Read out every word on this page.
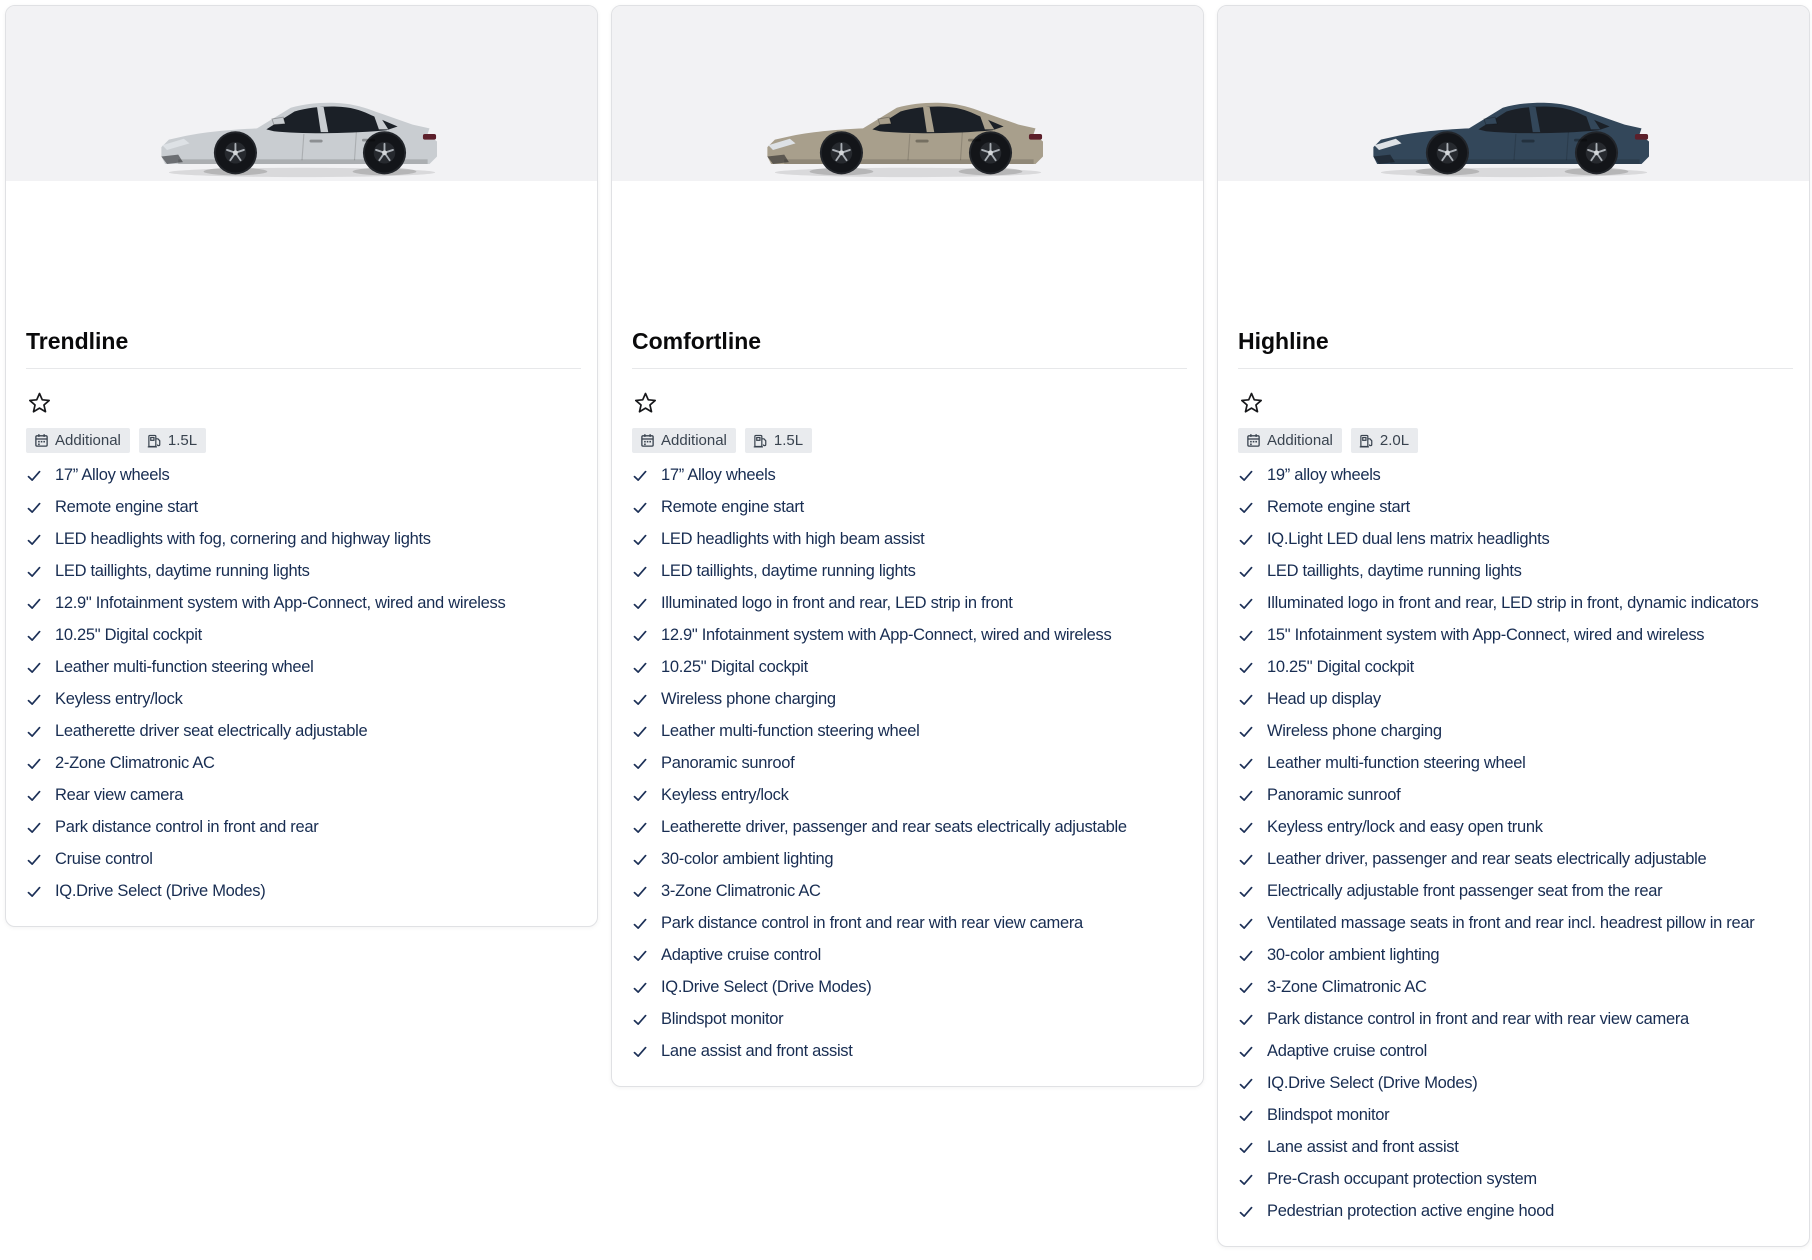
Trendline
Additional	1.5L
17” Alloy wheels
Remote engine start
LED headlights with fog, cornering and highway lights
LED taillights, daytime running lights
12.9" Infotainment system with App-Connect, wired and wireless
10.25" Digital cockpit
Leather multi-function steering wheel
Keyless entry/lock
Leatherette driver seat electrically adjustable
2-Zone Climatronic AC
Rear view camera
Park distance control in front and rear
Cruise control
IQ.Drive Select (Drive Modes)
Comfortline
Additional	1.5L
17” Alloy wheels
Remote engine start
LED headlights with high beam assist
LED taillights, daytime running lights
Illuminated logo in front and rear, LED strip in front
12.9" Infotainment system with App-Connect, wired and wireless
10.25" Digital cockpit
Wireless phone charging
Leather multi-function steering wheel
Panoramic sunroof
Keyless entry/lock
Leatherette driver, passenger and rear seats electrically adjustable
30-color ambient lighting
3-Zone Climatronic AC
Park distance control in front and rear with rear view camera
Adaptive cruise control
IQ.Drive Select (Drive Modes)
Blindspot monitor
Lane assist and front assist
Highline
Additional	2.0L
19” alloy wheels
Remote engine start
IQ.Light LED dual lens matrix headlights
LED taillights, daytime running lights
Illuminated logo in front and rear, LED strip in front, dynamic indicators
15" Infotainment system with App-Connect, wired and wireless
10.25" Digital cockpit
Head up display
Wireless phone charging
Leather multi-function steering wheel
Panoramic sunroof
Keyless entry/lock and easy open trunk
Leather driver, passenger and rear seats electrically adjustable
Electrically adjustable front passenger seat from the rear
Ventilated massage seats in front and rear incl. headrest pillow in rear
30-color ambient lighting
3-Zone Climatronic AC
Park distance control in front and rear with rear view camera
Adaptive cruise control
IQ.Drive Select (Drive Modes)
Blindspot monitor
Lane assist and front assist
Pre-Crash occupant protection system
Pedestrian protection active engine hood
